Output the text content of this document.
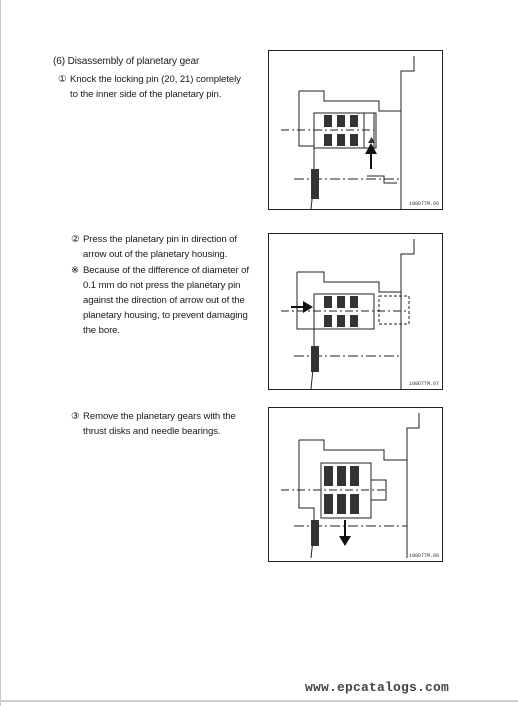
(6) Disassembly of planetary gear

① Knock the locking pin (20, 21) completely

to the inner side of the planetary pin.

② Press the planetary pin in direction of

arrow out of the planetary housing.

※ Because of the difference of diameter of

0.1 mm do not press the planetary pin

against the direction of arrow out of the

planetary housing, to prevent damaging

the bore.

③ Remove the planetary gears with the

thrust disks and needle bearings.

100D7TM.66
100D7TM.67
100D7TM.68
www.epcatalogs.com
